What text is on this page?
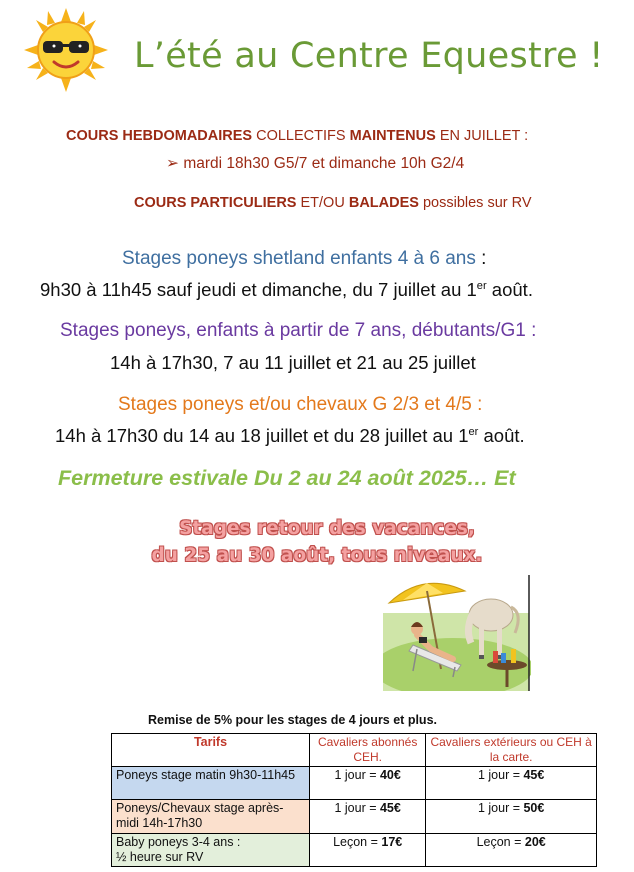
L’été au Centre Equestre !
COURS HEBDOMADAIRES COLLECTIFS MAINTENUS EN JUILLET :
➢ mardi 18h30 G5/7 et dimanche 10h G2/4
COURS PARTICULIERS ET/OU BALADES possibles sur RV
Stages poneys shetland enfants 4 à 6 ans :
9h30 à 11h45 sauf jeudi et dimanche, du 7 juillet au 1er août.
Stages poneys, enfants à partir de 7 ans, débutants/G1 :
14h à 17h30, 7 au 11 juillet et 21 au 25 juillet
Stages poneys et/ou chevaux G 2/3 et 4/5 :
14h à 17h30 du 14 au 18 juillet et du 28 juillet au 1er août.
Fermeture estivale Du 2 au 24 août 2025… Et
Stages retour des vacances,
du 25 au 30 août, tous niveaux.
Remise de 5% pour les stages de 4 jours et plus.
Tarifs	Cavaliers abonnés CEH.	Cavaliers extérieurs ou CEH à la carte.
Poneys stage matin 9h30-11h45	1 jour = 40€	1 jour = 45€
Poneys/Chevaux stage après-midi 14h-17h30	1 jour = 45€	1 jour = 50€
Baby poneys 3-4 ans :
½ heure sur RV	Leçon = 17€	Leçon = 20€
